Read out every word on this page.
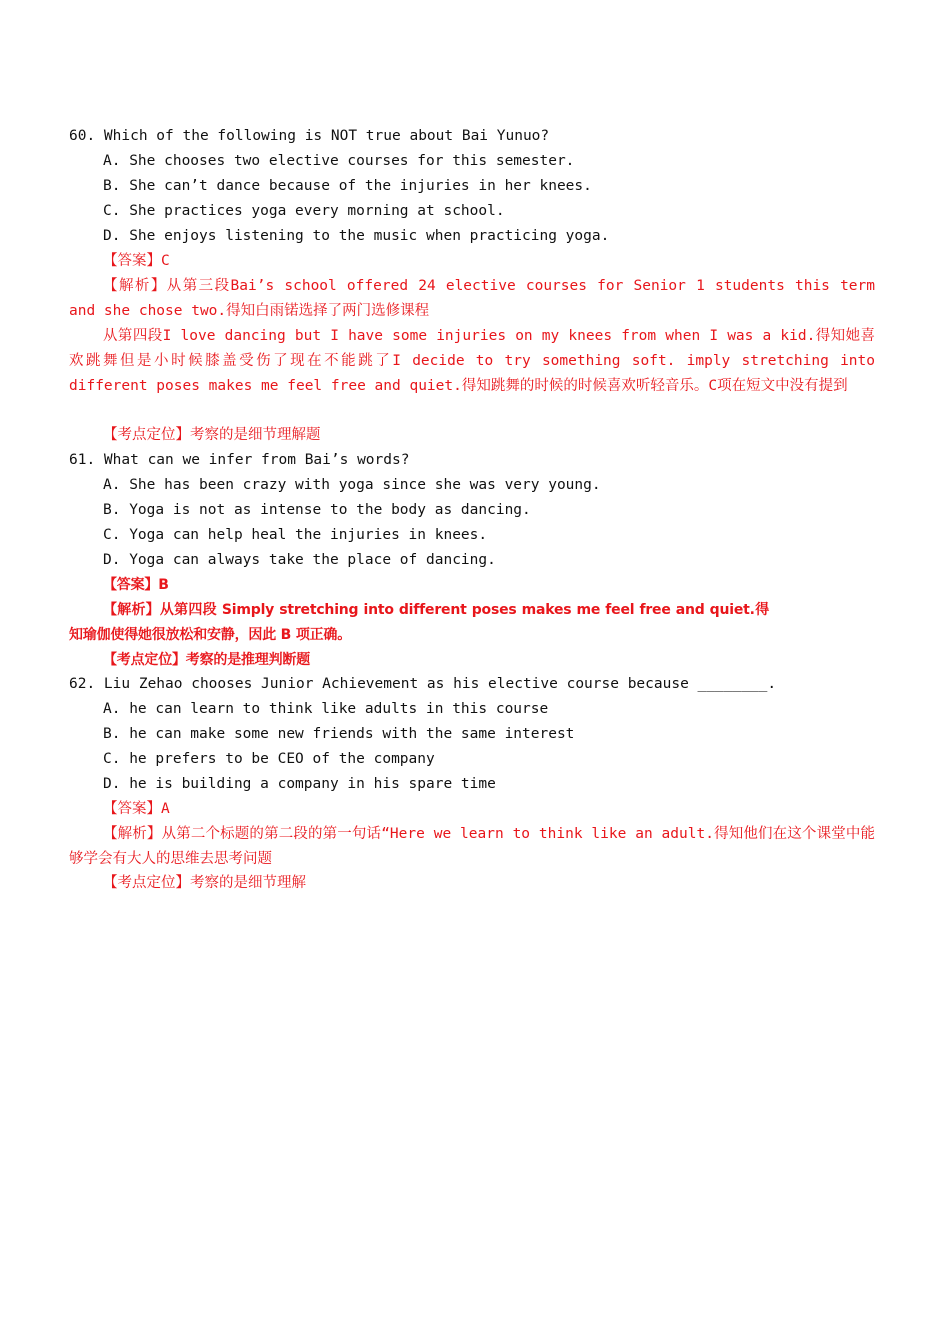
60. Which of the following is NOT true about Bai Yunuo?

A. She chooses two elective courses for this semester.

B. She can’t dance because of the injuries in her knees.

C. She practices yoga every morning at school.

D. She enjoys listening to the music when practicing yoga.

【答案】C

【解析】从第三段Bai’s school offered 24 elective courses for Senior 1 students this term and she chose two.得知白雨锘选择了两门选修课程

从第四段I love dancing but I have some injuries on my knees from when I was a kid.得知她喜欢跳舞但是小时候膝盖受伤了现在不能跳了I decide to try something soft. imply stretching into different poses makes me feel free and quiet.得知跳舞的时候的时候喜欢听轻音乐。C项在短文中没有提到

【考点定位】考察的是细节理解题

61. What can we infer from Bai’s words?

A. She has been crazy with yoga since she was very young.

B. Yoga is not as intense to the body as dancing.

C. Yoga can help heal the injuries in knees.

D. Yoga can always take the place of dancing.

【答案】B

【解析】从第四段 Simply stretching into different poses makes me feel free and quiet.得知瑜伽使得她很放松和安静，因此 B 项正确。

【考点定位】考察的是推理判断题

62. Liu Zehao chooses Junior Achievement as his elective course because ________.

A. he can learn to think like adults in this course

B. he can make some new friends with the same interest

C. he prefers to be CEO of the company

D. he is building a company in his spare time

【答案】A

【解析】从第二个标题的第二段的第一句话“Here we learn to think like an adult.得知他们在这个课堂中能够学会有大人的思维去思考问题

【考点定位】考察的是细节理解
